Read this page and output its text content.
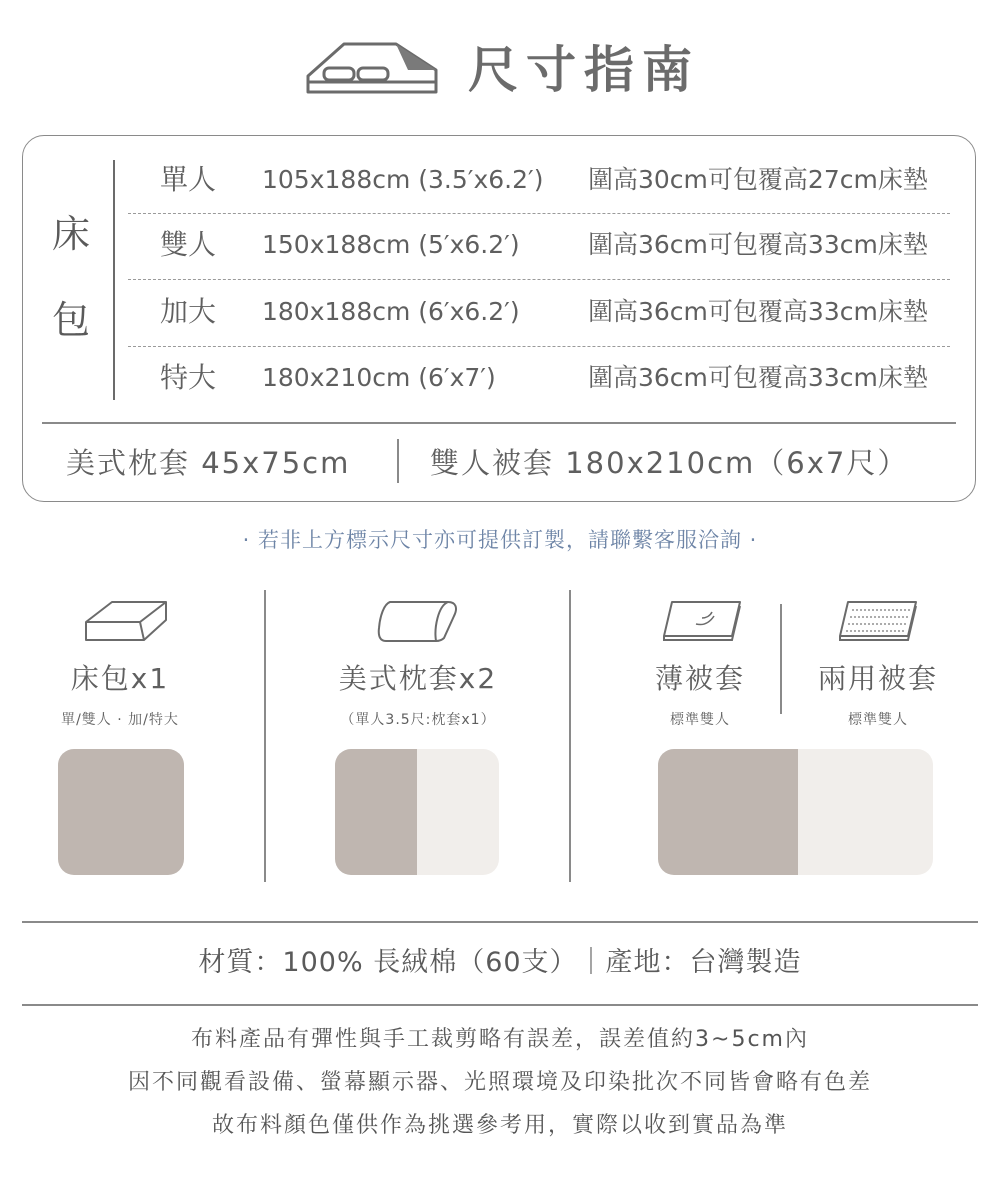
尺寸指南
床
包
單人 105x188cm (3.5′x6.2′) 圍高30cm可包覆高27cm床墊
雙人 150x188cm (5′x6.2′)	圍高36cm可包覆高33cm床墊
加大 180x188cm (6′x6.2′)	圍高36cm可包覆高33cm床墊
特大 180x210cm (6′x7′)	圍高36cm可包覆高33cm床墊
美式枕套 45x75cm	雙人被套 180x210cm（6x7尺）
· 若非上方標示尺寸亦可提供訂製，請聯繫客服洽詢 ·
床包x1
單/雙人 · 加/特大
美式枕套x2
（單人3.5尺:枕套x1）
薄被套
標準雙人
兩用被套
標準雙人
材質：100% 長絨棉（60支）｜產地：台灣製造
布料產品有彈性與手工裁剪略有誤差，誤差值約3~5cm內
因不同觀看設備、螢幕顯示器、光照環境及印染批次不同皆會略有色差
故布料顏色僅供作為挑選參考用，實際以收到實品為準
